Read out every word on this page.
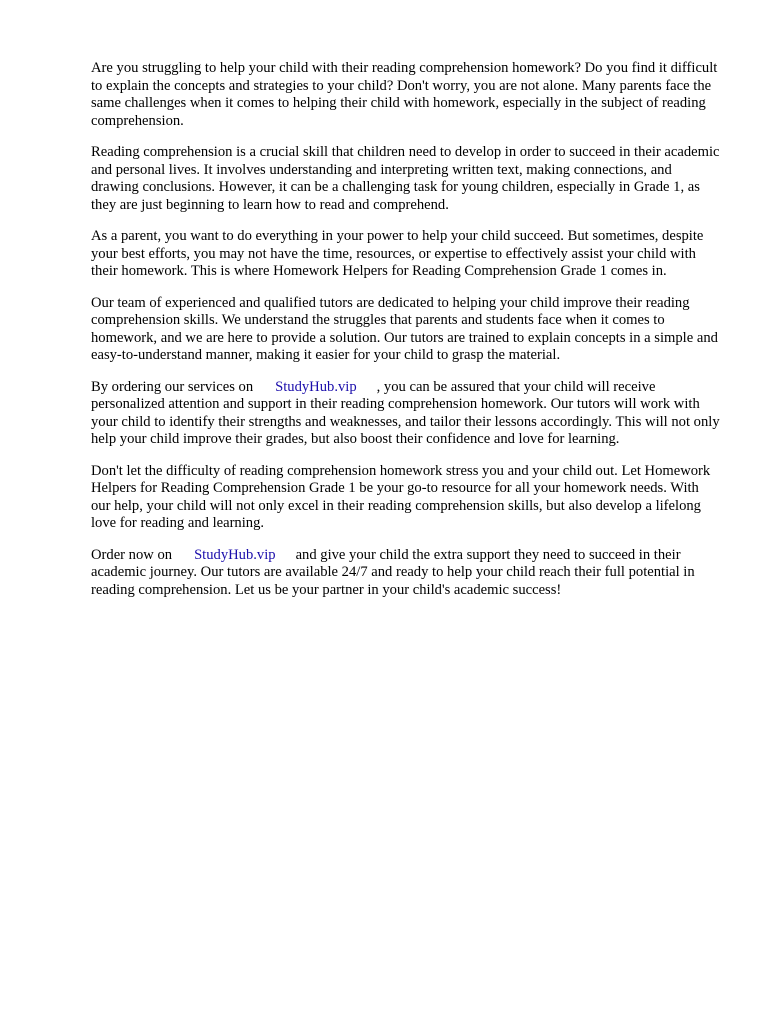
Are you struggling to help your child with their reading comprehension homework? Do you find it difficult to explain the concepts and strategies to your child? Don't worry, you are not alone. Many parents face the same challenges when it comes to helping their child with homework, especially in the subject of reading comprehension.

Reading comprehension is a crucial skill that children need to develop in order to succeed in their academic and personal lives. It involves understanding and interpreting written text, making connections, and drawing conclusions. However, it can be a challenging task for young children, especially in Grade 1, as they are just beginning to learn how to read and comprehend.

As a parent, you want to do everything in your power to help your child succeed. But sometimes, despite your best efforts, you may not have the time, resources, or expertise to effectively assist your child with their homework. This is where Homework Helpers for Reading Comprehension Grade 1 comes in.

Our team of experienced and qualified tutors are dedicated to helping your child improve their reading comprehension skills. We understand the struggles that parents and students face when it comes to homework, and we are here to provide a solution. Our tutors are trained to explain concepts in a simple and easy-to-understand manner, making it easier for your child to grasp the material.

By ordering our services on StudyHub.vip , you can be assured that your child will receive personalized attention and support in their reading comprehension homework. Our tutors will work with your child to identify their strengths and weaknesses, and tailor their lessons accordingly. This will not only help your child improve their grades, but also boost their confidence and love for learning.

Don't let the difficulty of reading comprehension homework stress you and your child out. Let Homework Helpers for Reading Comprehension Grade 1 be your go-to resource for all your homework needs. With our help, your child will not only excel in their reading comprehension skills, but also develop a lifelong love for reading and learning.

Order now on StudyHub.vip and give your child the extra support they need to succeed in their academic journey. Our tutors are available 24/7 and ready to help your child reach their full potential in reading comprehension. Let us be your partner in your child's academic success!
